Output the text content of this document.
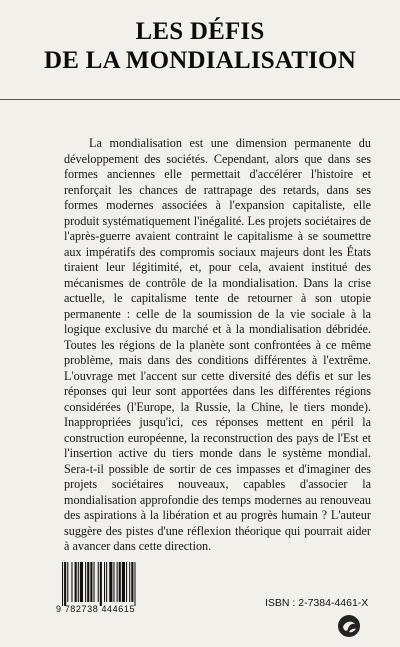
LES DÉFIS
DE LA MONDIALISATION

La mondialisation est une dimension permanente du développement des sociétés. Cependant, alors que dans ses formes anciennes elle permettait d'accélérer l'histoire et renforçait les chances de rattrapage des retards, dans ses formes modernes associées à l'expansion capitaliste, elle produit systématiquement l'inégalité. Les projets sociétaires de l'après-guerre avaient contraint le capitalisme à se soumettre aux impératifs des compromis sociaux majeurs dont les États tiraient leur légitimité, et, pour cela, avaient institué des mécanismes de contrôle de la mondialisation. Dans la crise actuelle, le capitalisme tente de retourner à son utopie permanente : celle de la soumission de la vie sociale à la logique exclusive du marché et à la mondialisation débridée. Toutes les régions de la planète sont confrontées à ce même problème, mais dans des conditions différentes à l'extrême. L'ouvrage met l'accent sur cette diversité des défis et sur les réponses qui leur sont apportées dans les différentes régions considérées (l'Europe, la Russie, la Chine, le tiers monde). Inappropriées jusqu'ici, ces réponses mettent en péril la construction européenne, la reconstruction des pays de l'Est et l'insertion active du tiers monde dans le système mondial. Sera-t-il possible de sortir de ces impasses et d'imaginer des projets sociétaires nouveaux, capables d'associer la mondialisation approfondie des temps modernes au renouveau des aspirations à la libération et au progrès humain ? L'auteur suggère des pistes d'une réflexion théorique qui pourrait aider à avancer dans cette direction.

9 782738 444615	ISBN : 2-7384-4461-X
